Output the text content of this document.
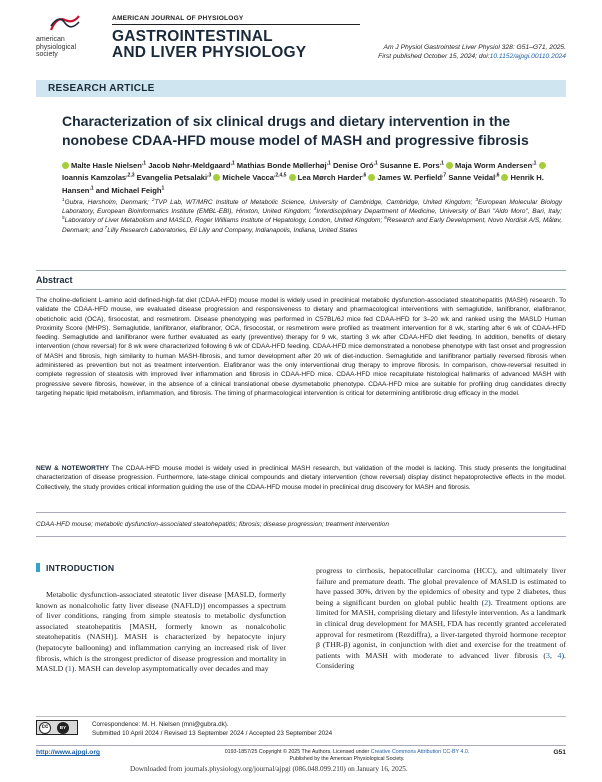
american
physiological
society
AMERICAN JOURNAL OF PHYSIOLOGY
GASTROINTESTINAL
AND LIVER PHYSIOLOGY	Am J Physiol Gastrointest Liver Physiol 328: G51–G71, 2025.
First published October 15, 2024; doi:10.1152/ajpgi.00110.2024
RESEARCH ARTICLE
Characterization of six clinical drugs and dietary intervention in the nonobese CDAA-HFD mouse model of MASH and progressive fibrosis
Malte Hasle Nielsen$^{,1}$ Jacob Nøhr-Meldgaard$^{,1}$ Mathias Bonde Møllerhøj$^{,1}$ Denise Oró$^{,1}$ Susanne E. Pors$^{,1}$ Maja Worm Andersen$^{,1}$ Ioannis Kamzolas$^{,2,3}$ Evangelia Petsalaki$^{,3}$ Michele Vacca$^{,2,4,5}$ Lea Mørch Harder$^{,6}$ James W. Perfield$^{,7}$ Sanne Veidal$^{,6}$ Henrik H. Hansen$^{,1}$ and Michael Feigh$^1$
$^1$Gubra, Hørsholm, Denmark; $^2$TVP Lab, WT/MRC Institute of Metabolic Science, University of Cambridge, Cambridge, United Kingdom; $^3$European Molecular Biology Laboratory, European Bioinformatics Institute (EMBL-EBI), Hinxton, United Kingdom; $^4$Interdisciplinary Department of Medicine, University of Bari "Aldo Moro", Bari, Italy; $^5$Laboratory of Liver Metabolism and MASLD, Roger Williams Institute of Hepatology, London, United Kingdom; $^6$Research and Early Development, Novo Nordisk A/S, Måløv, Denmark; and $^7$Lilly Research Laboratories, Eli Lilly and Company, Indianapolis, Indiana, United States
Abstract
The choline-deficient L-amino acid defined-high-fat diet (CDAA-HFD) mouse model is widely used in preclinical metabolic dysfunction-associated steatohepatitis (MASH) research. To validate the CDAA-HFD mouse, we evaluated disease progression and responsiveness to dietary and pharmacological interventions with semaglutide, lanifibranor, elafibranor, obeticholic acid (OCA), firsocostat, and resmetirom. Disease phenotyping was performed in C57BL/6J mice fed CDAA-HFD for 3–20 wk and ranked using the MASLD Human Proximity Score (MHPS). Semaglutide, lanifibranor, elafibranor, OCA, firsocostat, or resmetirom were profiled as treatment intervention for 8 wk, starting after 6 wk of CDAA-HFD feeding. Semaglutide and lanifibranor were further evaluated as early (preventive) therapy for 9 wk, starting 3 wk after CDAA-HFD diet feeding. In addition, benefits of dietary intervention (chow reversal) for 8 wk were characterized following 6 wk of CDAA-HFD feeding. CDAA-HFD mice demonstrated a nonobese phenotype with fast onset and progression of MASH and fibrosis, high similarity to human MASH-fibrosis, and tumor development after 20 wk of diet-induction. Semaglutide and lanifibranor partially reversed fibrosis when administered as prevention but not as treatment intervention. Elafibranor was the only interventional drug therapy to improve fibrosis. In comparison, chow-reversal resulted in complete regression of steatosis with improved liver inflammation and fibrosis in CDAA-HFD mice. CDAA-HFD mice recapitulate histological hallmarks of advanced MASH with progressive severe fibrosis, however, in the absence of a clinical translational obese dysmetabolic phenotype. CDAA-HFD mice are suitable for profiling drug candidates directly targeting hepatic lipid metabolism, inflammation, and fibrosis. The timing of pharmacological intervention is critical for determining antifibrotic drug efficacy in the model.
NEW & NOTEWORTHY The CDAA-HFD mouse model is widely used in preclinical MASH research, but validation of the model is lacking. This study presents the longitudinal characterization of disease progression. Furthermore, late-stage clinical compounds and dietary intervention (chow reversal) display distinct hepatoprotective effects in the model. Collectively, the study provides critical information guiding the use of the CDAA-HFD mouse model in preclinical drug discovery for MASH and fibrosis.
CDAA-HFD mouse; metabolic dysfunction-associated steatohepatitis; fibrosis; disease progression; treatment intervention
INTRODUCTION
Metabolic dysfunction-associated steatotic liver disease [MASLD, formerly known as nonalcoholic fatty liver disease (NAFLD)] encompasses a spectrum of liver conditions, ranging from simple steatosis to metabolic dysfunction associated steatohepatitis [MASH, formerly known as nonalcoholic steatohepatitis (NASH)]. MASH is characterized by hepatocyte injury (hepatocyte ballooning) and inflammation carrying an increased risk of liver fibrosis, which is the strongest predictor of disease progression and mortality in MASLD (1). MASH can develop asymptomatically over decades and may
progress to cirrhosis, hepatocellular carcinoma (HCC), and ultimately liver failure and premature death. The global prevalence of MASLD is estimated to have passed 30%, driven by the epidemics of obesity and type 2 diabetes, thus being a significant burden on global public health (2). Treatment options are limited for MASH, comprising dietary and lifestyle intervention. As a landmark in clinical drug development for MASH, FDA has recently granted accelerated approval for resmetirom (Rezdiffra), a liver-targeted thyroid hormone receptor β (THR-β) agonist, in conjunction with diet and exercise for the treatment of patients with MASH with moderate to advanced liver fibrosis (3, 4). Considering
cc	BY	Correspondence: M. H. Nielsen (mni@gubra.dk).
Submitted 10 April 2024 / Revised 13 September 2024 / Accepted 23 September 2024
http://www.ajpgi.org	0193-1857/25 Copyright © 2025 The Authors. Licensed under Creative Commons Attribution CC-BY 4.0.
Published by the American Physiological Society.
G51
Downloaded from journals.physiology.org/journal/ajpgi (086.048.099.210) on January 16, 2025.
